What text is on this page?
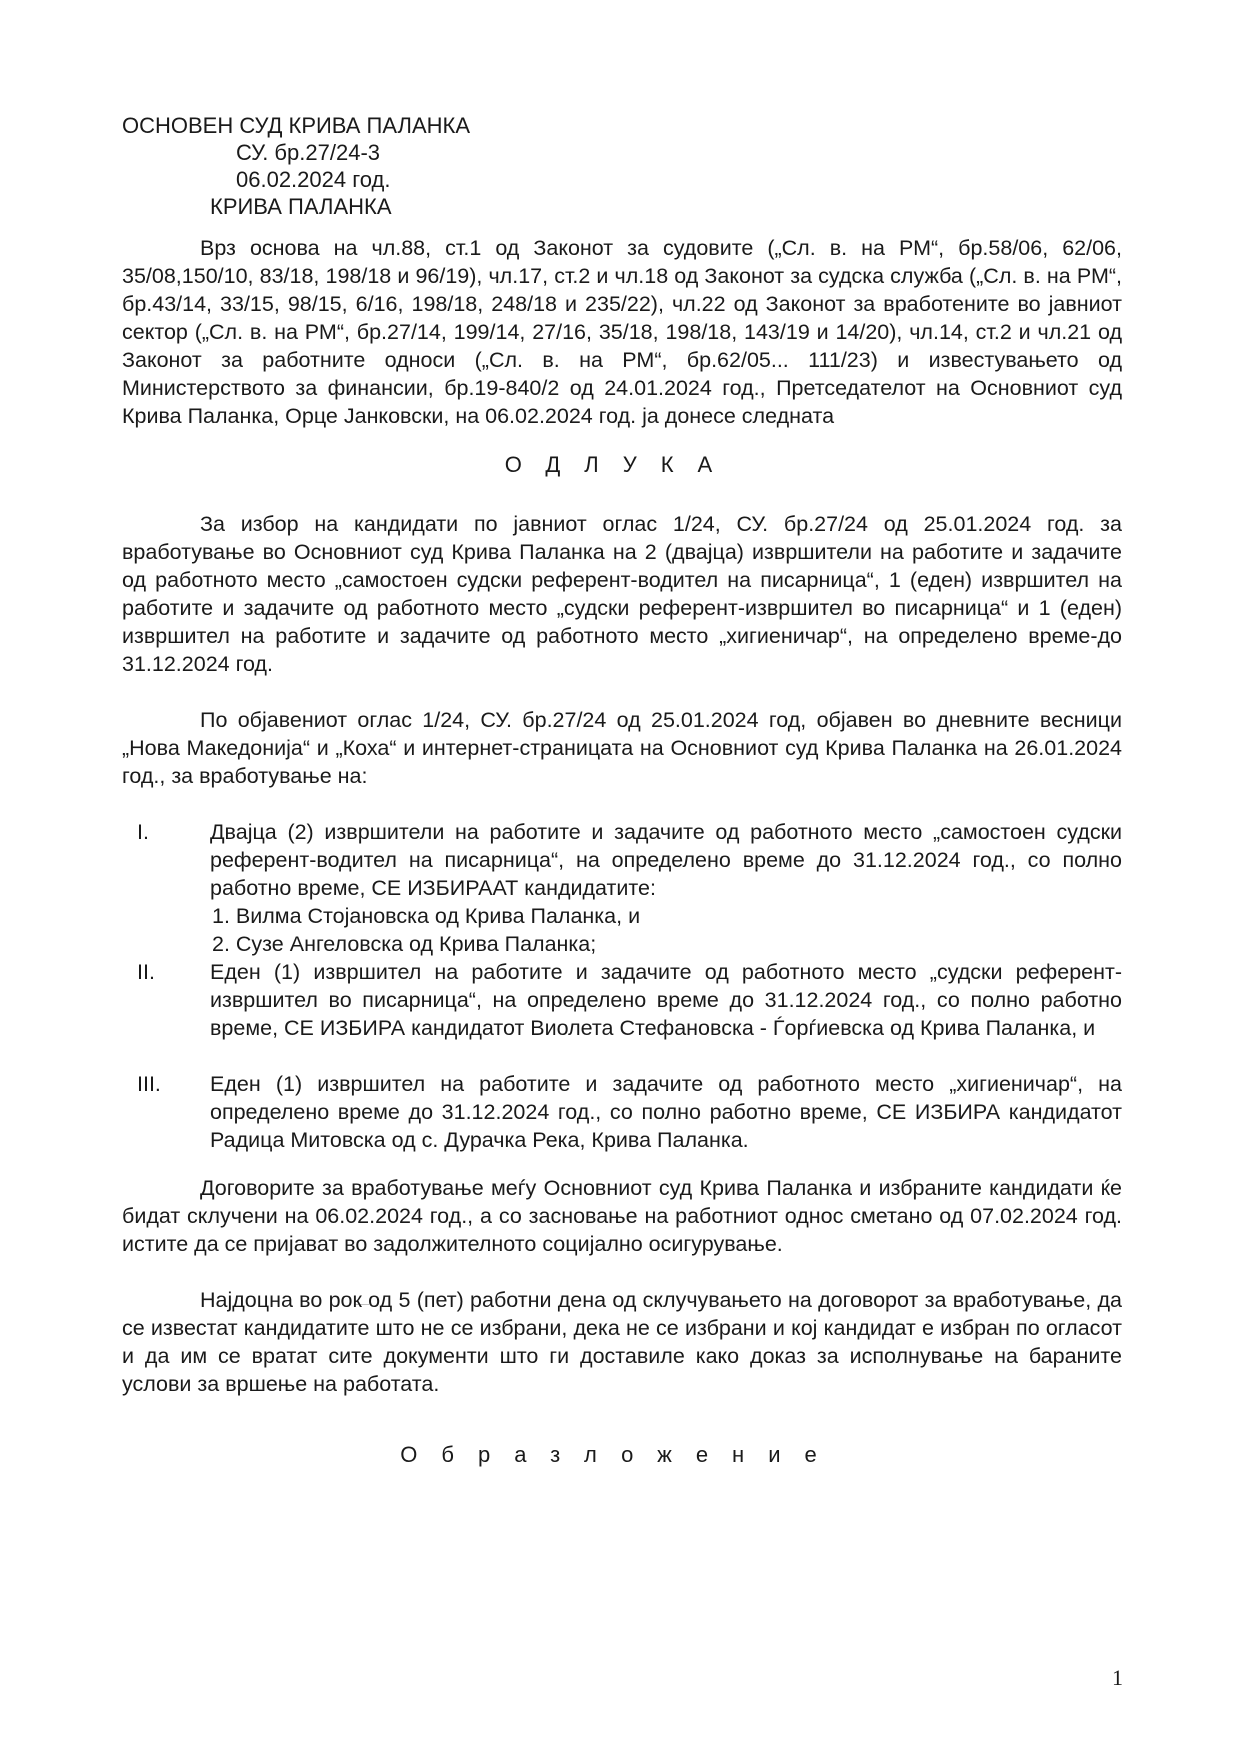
ОСНОВЕН СУД КРИВА ПАЛАНКА
СУ. бр.27/24-3
06.02.2024 год.
КРИВА ПАЛАНКА
Врз основа на чл.88, ст.1 од Законот за судовите („Сл. в. на РМ“, бр.58/06, 62/06, 35/08,150/10, 83/18, 198/18 и 96/19), чл.17, ст.2 и чл.18 од Законот за судска служба („Сл. в. на РМ“, бр.43/14, 33/15, 98/15, 6/16, 198/18, 248/18 и 235/22), чл.22 од Законот за вработените во јавниот сектор („Сл. в. на РМ“, бр.27/14, 199/14, 27/16, 35/18, 198/18, 143/19 и 14/20), чл.14, ст.2 и чл.21 од Законот за работните односи („Сл. в. на РМ“, бр.62/05... 111/23) и известувањето од Министерството за финансии, бр.19-840/2 од 24.01.2024 год., Претседателот на Основниот суд Крива Паланка, Орце Јанковски, на 06.02.2024 год. ја донесе следната
ОДЛУКА
За избор на кандидати по јавниот оглас 1/24, СУ. бр.27/24 од 25.01.2024 год. за вработување во Основниот суд Крива Паланка на 2 (двајца) извршители на работите и задачите од работното место „самостоен судски референт-водител на писарница“, 1 (еден) извршител на работите и задачите од работното место „судски референт-извршител во писарница“ и 1 (еден) извршител на работите и задачите од работното место „хигиеничар“, на определено време-до 31.12.2024 год.
По објавениот оглас 1/24, СУ. бр.27/24 од 25.01.2024 год, објавен во дневните весници „Нова Македонија“ и „Коха“ и интернет-страницата на Основниот суд Крива Паланка на 26.01.2024 год., за вработување на:
I.	Двајца (2) извршители на работите и задачите од работното место „самостоен судски референт-водител на писарница“, на определено време до 31.12.2024 год., со полно работно време, СЕ ИЗБИРААТ кандидатите:
1. Вилма Стојановска од Крива Паланка, и
2. Сузе Ангеловска од Крива Паланка;
II.	Еден (1) извршител на работите и задачите од работното место „судски референт-извршител во писарница“, на определено време до 31.12.2024 год., со полно работно време, СЕ ИЗБИРА кандидатот Виолета Стефановска - Ѓорѓиевска од Крива Паланка, и
III. Еден (1) извршител на работите и задачите од работното место „хигиеничар“, на определено време до 31.12.2024 год., со полно работно време, СЕ ИЗБИРА кандидатот Радица Митовска од с. Дурачка Река, Крива Паланка.
Договорите за вработување меѓу Основниот суд Крива Паланка и избраните кандидати ќе бидат склучени на 06.02.2024 год., а со засновање на работниот однос сметано од 07.02.2024 год. истите да се пријават во задолжителното социјално осигурување.
Најдоцна во рок од 5 (пет) работни дена од склучувањето на договорот за вработување, да се известат кандидатите што не се избрани, дека не се избрани и кој кандидат е избран по огласот и да им се вратат сите документи што ги доставиле како доказ за исполнување на бараните услови за вршење на работата.
Образложение
1
